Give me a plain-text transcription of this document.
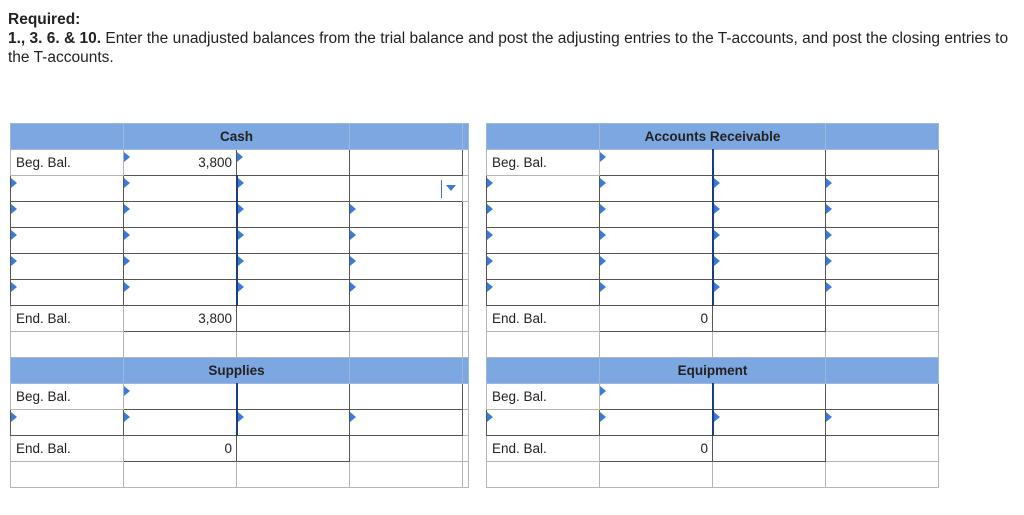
Required:
1., 3. 6. & 10. Enter the unadjusted balances from the trial balance and post the adjusting entries to the T-accounts, and post the closing entries to the T-accounts.
	Cash			
Beg. Bal.	3,800			

End. Bal.	3,800			

	Supplies			
Beg. Bal.				

End. Bal.	0			

	Accounts Receivable		
Beg. Bal.			

End. Bal.	0		

	Equipment		
Beg. Bal.			

End. Bal.	0		
